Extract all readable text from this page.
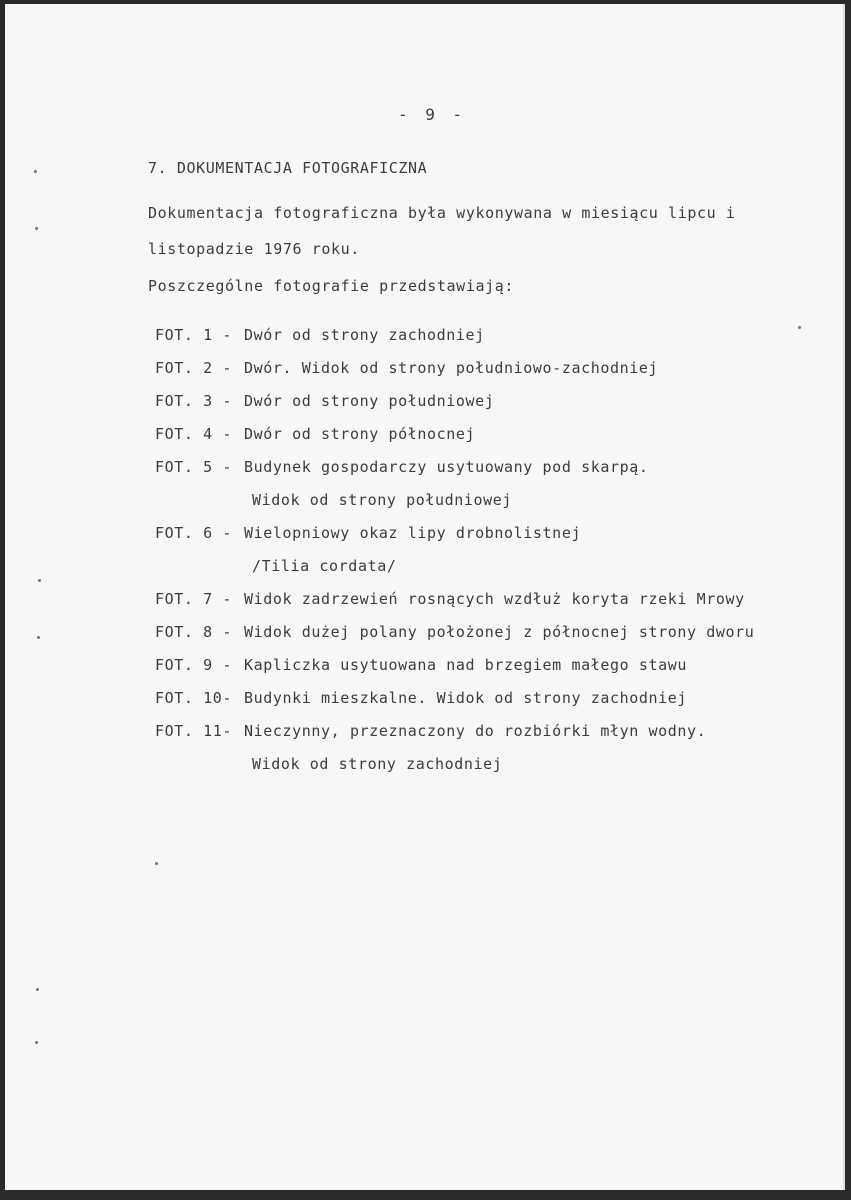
- 9 -
7. DOKUMENTACJA FOTOGRAFICZNA
Dokumentacja fotograficzna była wykonywana w miesiącu lipcu i
listopadzie 1976 roku.
Poszczególne fotografie przedstawiają:
FOT. 1 - Dwór od strony zachodniej
FOT. 2 - Dwór. Widok od strony południowo-zachodniej
FOT. 3 - Dwór od strony południowej
FOT. 4 - Dwór od strony północnej
FOT. 5 - Budynek gospodarczy usytuowany pod skarpą.
Widok od strony południowej
FOT. 6 - Wielopniowy okaz lipy drobnolistnej
/Tilia cordata/
FOT. 7 - Widok zadrzewień rosnących wzdłuż koryta rzeki Mrowy
FOT. 8 - Widok dużej polany położonej z północnej strony dworu
FOT. 9 - Kapliczka usytuowana nad brzegiem małego stawu
FOT. 10- Budynki mieszkalne. Widok od strony zachodniej
FOT. 11- Nieczynny, przeznaczony do rozbiórki młyn wodny.
Widok od strony zachodniej
